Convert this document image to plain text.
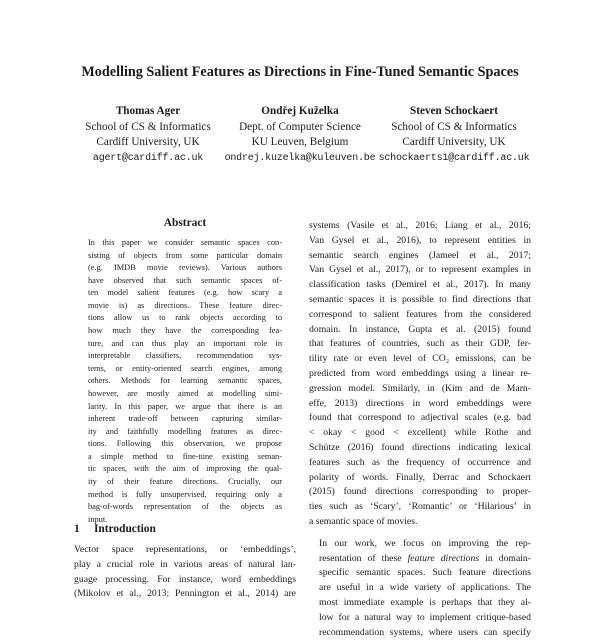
Modelling Salient Features as Directions in Fine-Tuned Semantic Spaces
Thomas Ager
School of CS & Informatics
Cardiff University, UK
agert@cardiff.ac.uk
Ondřej Kuželka
Dept. of Computer Science
KU Leuven, Belgium
ondrej.kuzelka@kuleuven.be
Steven Schockaert
School of CS & Informatics
Cardiff University, UK
schockaerts1@cardiff.ac.uk
Abstract
In this paper we consider semantic spaces con-
sisting of objects from some particular domain
(e.g. IMDB movie reviews). Various authors
have observed that such semantic spaces of-
ten model salient features (e.g. how scary a
movie is) as directions. These feature direc-
tions allow us to rank objects according to
how much they have the corresponding fea-
ture, and can thus play an important role in
interpretable classifiers, recommendation sys-
tems, or entity-oriented search engines, among
others. Methods for learning semantic spaces,
however, are mostly aimed at modelling simi-
larity. In this paper, we argue that there is an
inherent trade-off between capturing similar-
ity and faithfully modelling features as direc-
tions. Following this observation, we propose
a simple method to fine-tune existing seman-
tic spaces, with the aim of improving the qual-
ity of their feature directions. Crucially, our
method is fully unsupervised, requiring only a
bag-of-words representation of the objects as
input.
1 Introduction
Vector space representations, or ‘embeddings’,
play a crucial role in various areas of natural lan-
guage processing. For instance, word embeddings
(Mikolov et al., 2013; Pennington et al., 2014) are

systems (Vasile et al., 2016; Liang et al., 2016;
Van Gysel et al., 2016), to represent entities in
semantic search engines (Jameel et al., 2017;
Van Gysel et al., 2017), or to represent examples in
classification tasks (Demirel et al., 2017). In many
semantic spaces it is possible to find directions that
correspond to salient features from the considered
domain. In instance, Gupta et al. (2015) found
that features of countries, such as their GDP, fer-
tility rate or even level of CO₂ emissions, can be
predicted from word embeddings using a linear re-
gression model. Similarly, in (Kim and de Marn-
effe, 2013) directions in word embeddings were
found that correspond to adjectival scales (e.g. bad
< okay < good < excellent) while Rothe and
Schütze (2016) found directions indicating lexical
features such as the frequency of occurrence and
polarity of words. Finally, Derrac and Schockaert
(2015) found directions corresponding to proper-
ties such as ‘Scary’, ‘Romantic’ or ‘Hilarious’ in
a semantic space of movies.

In our work, we focus on improving the rep-
resentation of these feature directions in domain-
specific semantic spaces. Such feature directions
are useful in a wide variety of applications. The
most immediate example is perhaps that they al-
low for a natural way to implement critique-based
recommendation systems, where users can specify
